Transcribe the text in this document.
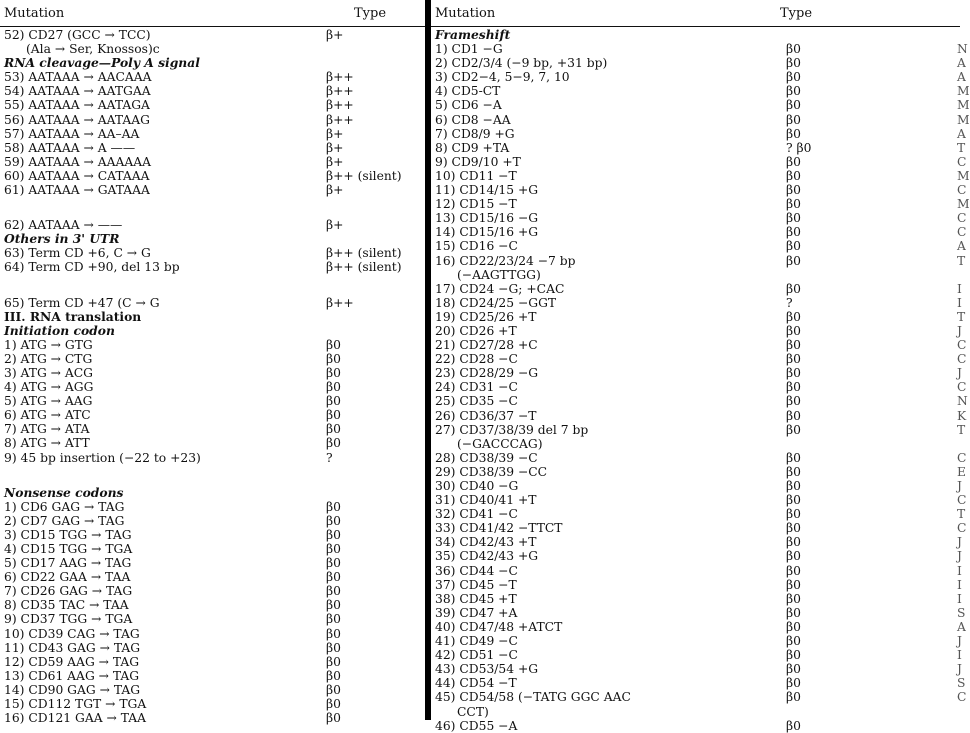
Mutation	Type
52) CD27 (GCC → TCC)	β+
(Ala → Ser, Knossos)c
RNA cleavage—Poly A signal
53) AATAAA → AACAAA	β++
54) AATAAA → AATGAA	β++
55) AATAAA → AATAGA	β++
56) AATAAA → AATAAG	β++
57) AATAAA → AA–AA	β+
58) AATAAA → A ——	β+
59) AATAAA → AAAAAA	β+
60) AATAAA → CATAAA	β++ (silent)
61) AATAAA → GATAAA	β+
62) AATAAA → ——	β+
Others in 3' UTR
63) Term CD +6, C → G	β++ (silent)
64) Term CD +90, del 13 bp	β++ (silent)
65) Term CD +47 (C → G	β++
III. RNA translation
Initiation codon
1) ATG → GTG	β0
2) ATG → CTG	β0
3) ATG → ACG	β0
4) ATG → AGG	β0
5) ATG → AAG	β0
6) ATG → ATC	β0
7) ATG → ATA	β0
8) ATG → ATT	β0
9) 45 bp insertion (−22 to +23)	?
Nonsense codons
1) CD6 GAG → TAG	β0
2) CD7 GAG → TAG	β0
3) CD15 TGG → TAG	β0
4) CD15 TGG → TGA	β0
5) CD17 AAG → TAG	β0
6) CD22 GAA → TAA	β0
7) CD26 GAG → TAG	β0
8) CD35 TAC → TAA	β0
9) CD37 TGG → TGA	β0
10) CD39 CAG → TAG	β0
11) CD43 GAG → TAG	β0
12) CD59 AAG → TAG	β0
13) CD61 AAG → TAG	β0
14) CD90 GAG → TAG	β0
15) CD112 TGT → TGA	β0
16) CD121 GAA → TAA	β0
Mutation	Type
Frameshift
1) CD1 −G	β0	N
2) CD2/3/4 (−9 bp, +31 bp)	β0	A
3) CD2−4, 5−9, 7, 10	β0	A
4) CD5-CT	β0	M
5) CD6 −A	β0	M
6) CD8 −AA	β0	M
7) CD8/9 +G	β0	A
8) CD9 +TA	? β0	T
9) CD9/10 +T	β0	C
10) CD11 −T	β0	M
11) CD14/15 +G	β0	C
12) CD15 −T	β0	M
13) CD15/16 −G	β0	C
14) CD15/16 +G	β0	C
15) CD16 −C	β0	A
16) CD22/23/24 −7 bp	β0	T
(−AAGTTGG)
17) CD24 −G; +CAC	β0	I
18) CD24/25 −GGT	?	I
19) CD25/26 +T	β0	T
20) CD26 +T	β0	J
21) CD27/28 +C	β0	C
22) CD28 −C	β0	C
23) CD28/29 −G	β0	J
24) CD31 −C	β0	C
25) CD35 −C	β0	N
26) CD36/37 −T	β0	K
27) CD37/38/39 del 7 bp	β0	T
(−GACCCAG)
28) CD38/39 −C	β0	C
29) CD38/39 −CC	β0	E
30) CD40 −G	β0	J
31) CD40/41 +T	β0	C
32) CD41 −C	β0	T
33) CD41/42 −TTCT	β0	C
34) CD42/43 +T	β0	J
35) CD42/43 +G	β0	J
36) CD44 −C	β0	I
37) CD45 −T	β0	I
38) CD45 +T	β0	I
39) CD47 +A	β0	S
40) CD47/48 +ATCT	β0	A
41) CD49 −C	β0	J
42) CD51 −C	β0	I
43) CD53/54 +G	β0	J
44) CD54 −T	β0	S
45) CD54/58 (−TATG GGC AAC	β0	C
CCT)
46) CD55 −A	β0
